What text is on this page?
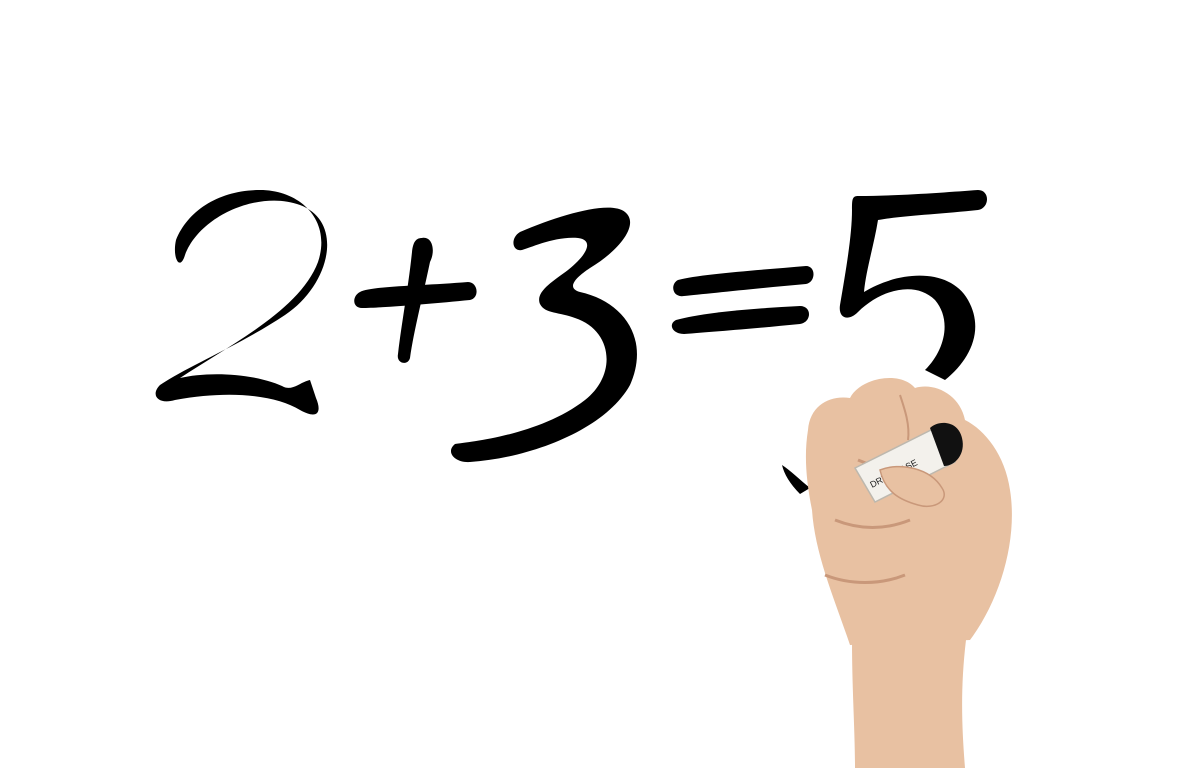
DRY
